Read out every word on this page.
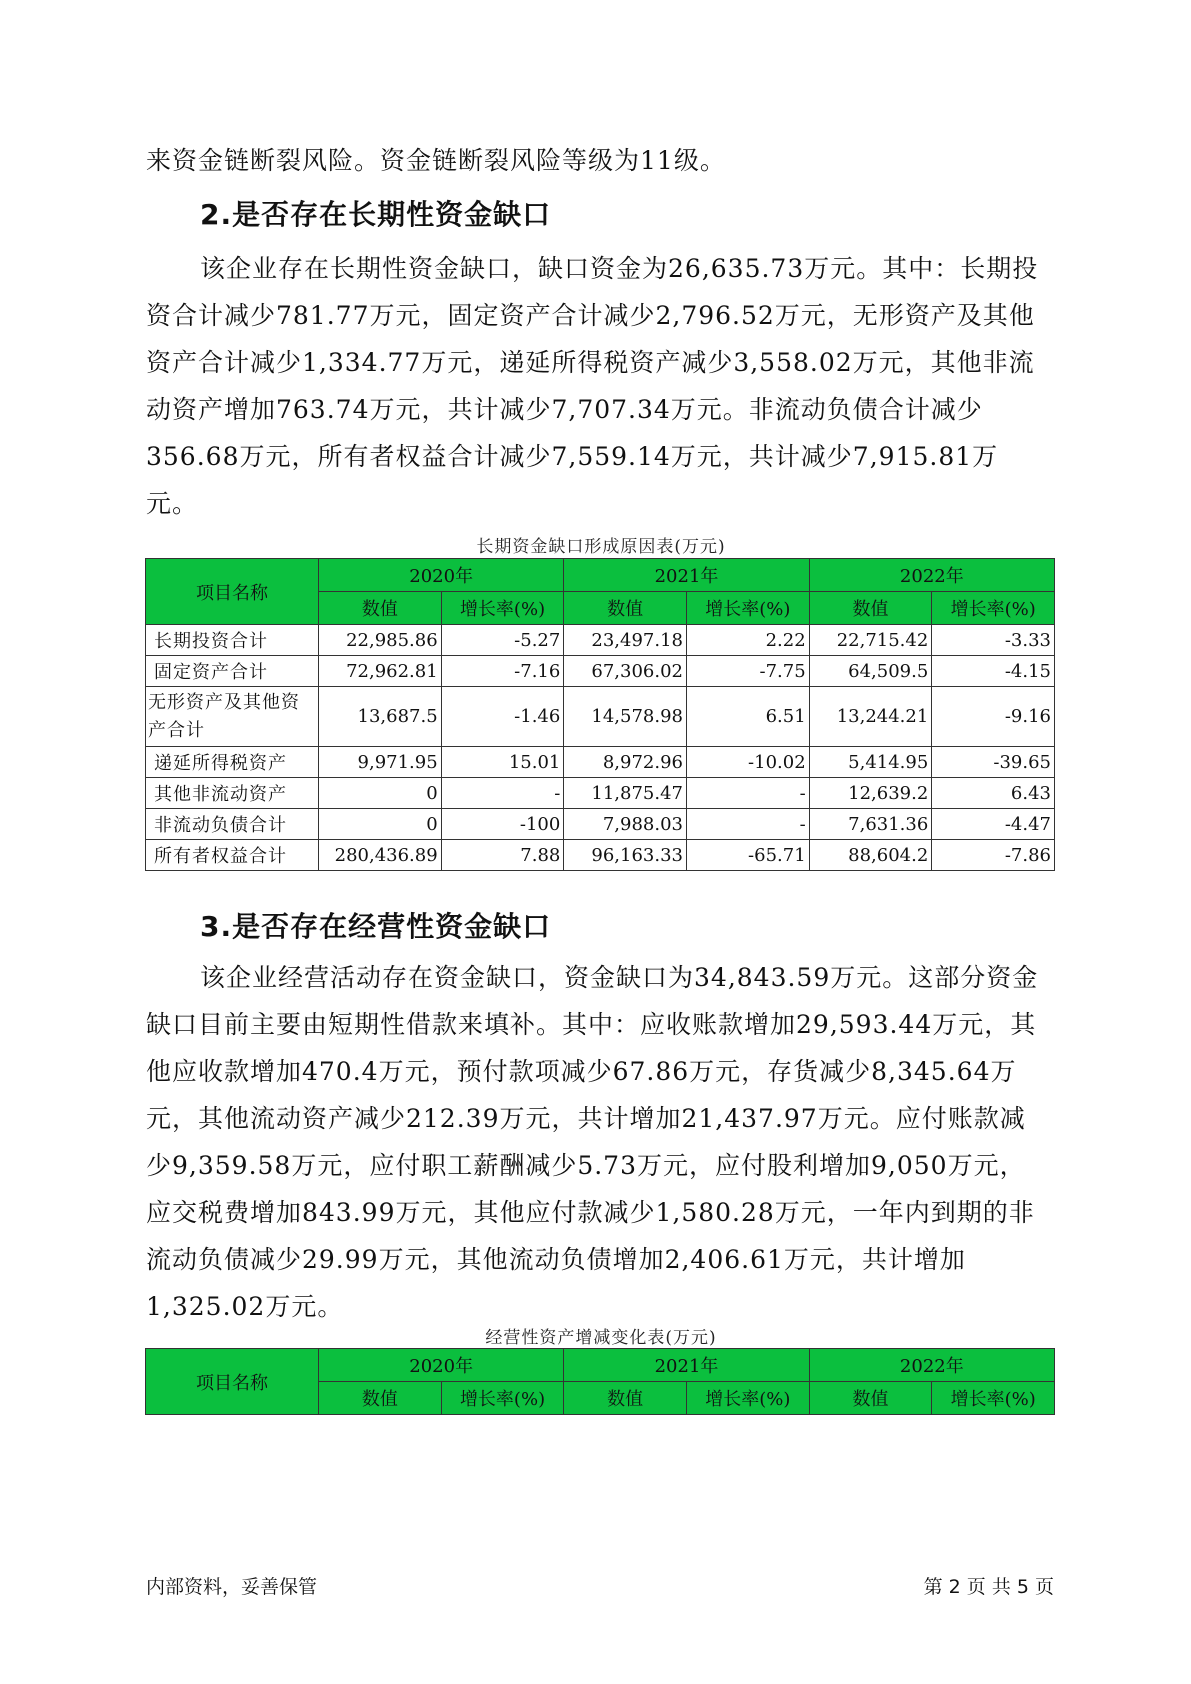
来资金链断裂风险。资金链断裂风险等级为11级。

2.是否存在长期性资金缺口

该企业存在长期性资金缺口，缺口资金为26,635.73万元。其中：长期投资合计减少781.77万元，固定资产合计减少2,796.52万元，无形资产及其他资产合计减少1,334.77万元，递延所得税资产减少3,558.02万元，其他非流动资产增加763.74万元，共计减少7,707.34万元。非流动负债合计减少356.68万元，所有者权益合计减少7,559.14万元，共计减少7,915.81万元。

长期资金缺口形成原因表(万元)
项目名称	2020年		2021年		2022年	
	数值	增长率(%)	数值	增长率(%)	数值	增长率(%)
长期投资合计	22,985.86	-5.27	23,497.18	2.22	22,715.42	-3.33
固定资产合计	72,962.81	-7.16	67,306.02	-7.75	64,509.5	-4.15
无形资产及其他资产合计	13,687.5	-1.46	14,578.98	6.51	13,244.21	-9.16
递延所得税资产	9,971.95	15.01	8,972.96	-10.02	5,414.95	-39.65
其他非流动资产	0	-	11,875.47	-	12,639.2	6.43
非流动负债合计	0	-100	7,988.03	-	7,631.36	-4.47
所有者权益合计	280,436.89	7.88	96,163.33	-65.71	88,604.2	-7.86
3.是否存在经营性资金缺口

该企业经营活动存在资金缺口，资金缺口为34,843.59万元。这部分资金缺口目前主要由短期性借款来填补。其中：应收账款增加29,593.44万元，其他应收款增加470.4万元，预付款项减少67.86万元，存货减少8,345.64万元，其他流动资产减少212.39万元，共计增加21,437.97万元。应付账款减少9,359.58万元，应付职工薪酬减少5.73万元，应付股利增加9,050万元，应交税费增加843.99万元，其他应付款减少1,580.28万元，一年内到期的非流动负债减少29.99万元，其他流动负债增加2,406.61万元，共计增加1,325.02万元。

经营性资产增减变化表(万元)
项目名称	2020年		2021年		2022年	
	数值	增长率(%)	数值	增长率(%)	数值	增长率(%)
内部资料，妥善保管	第 2 页 共 5 页
